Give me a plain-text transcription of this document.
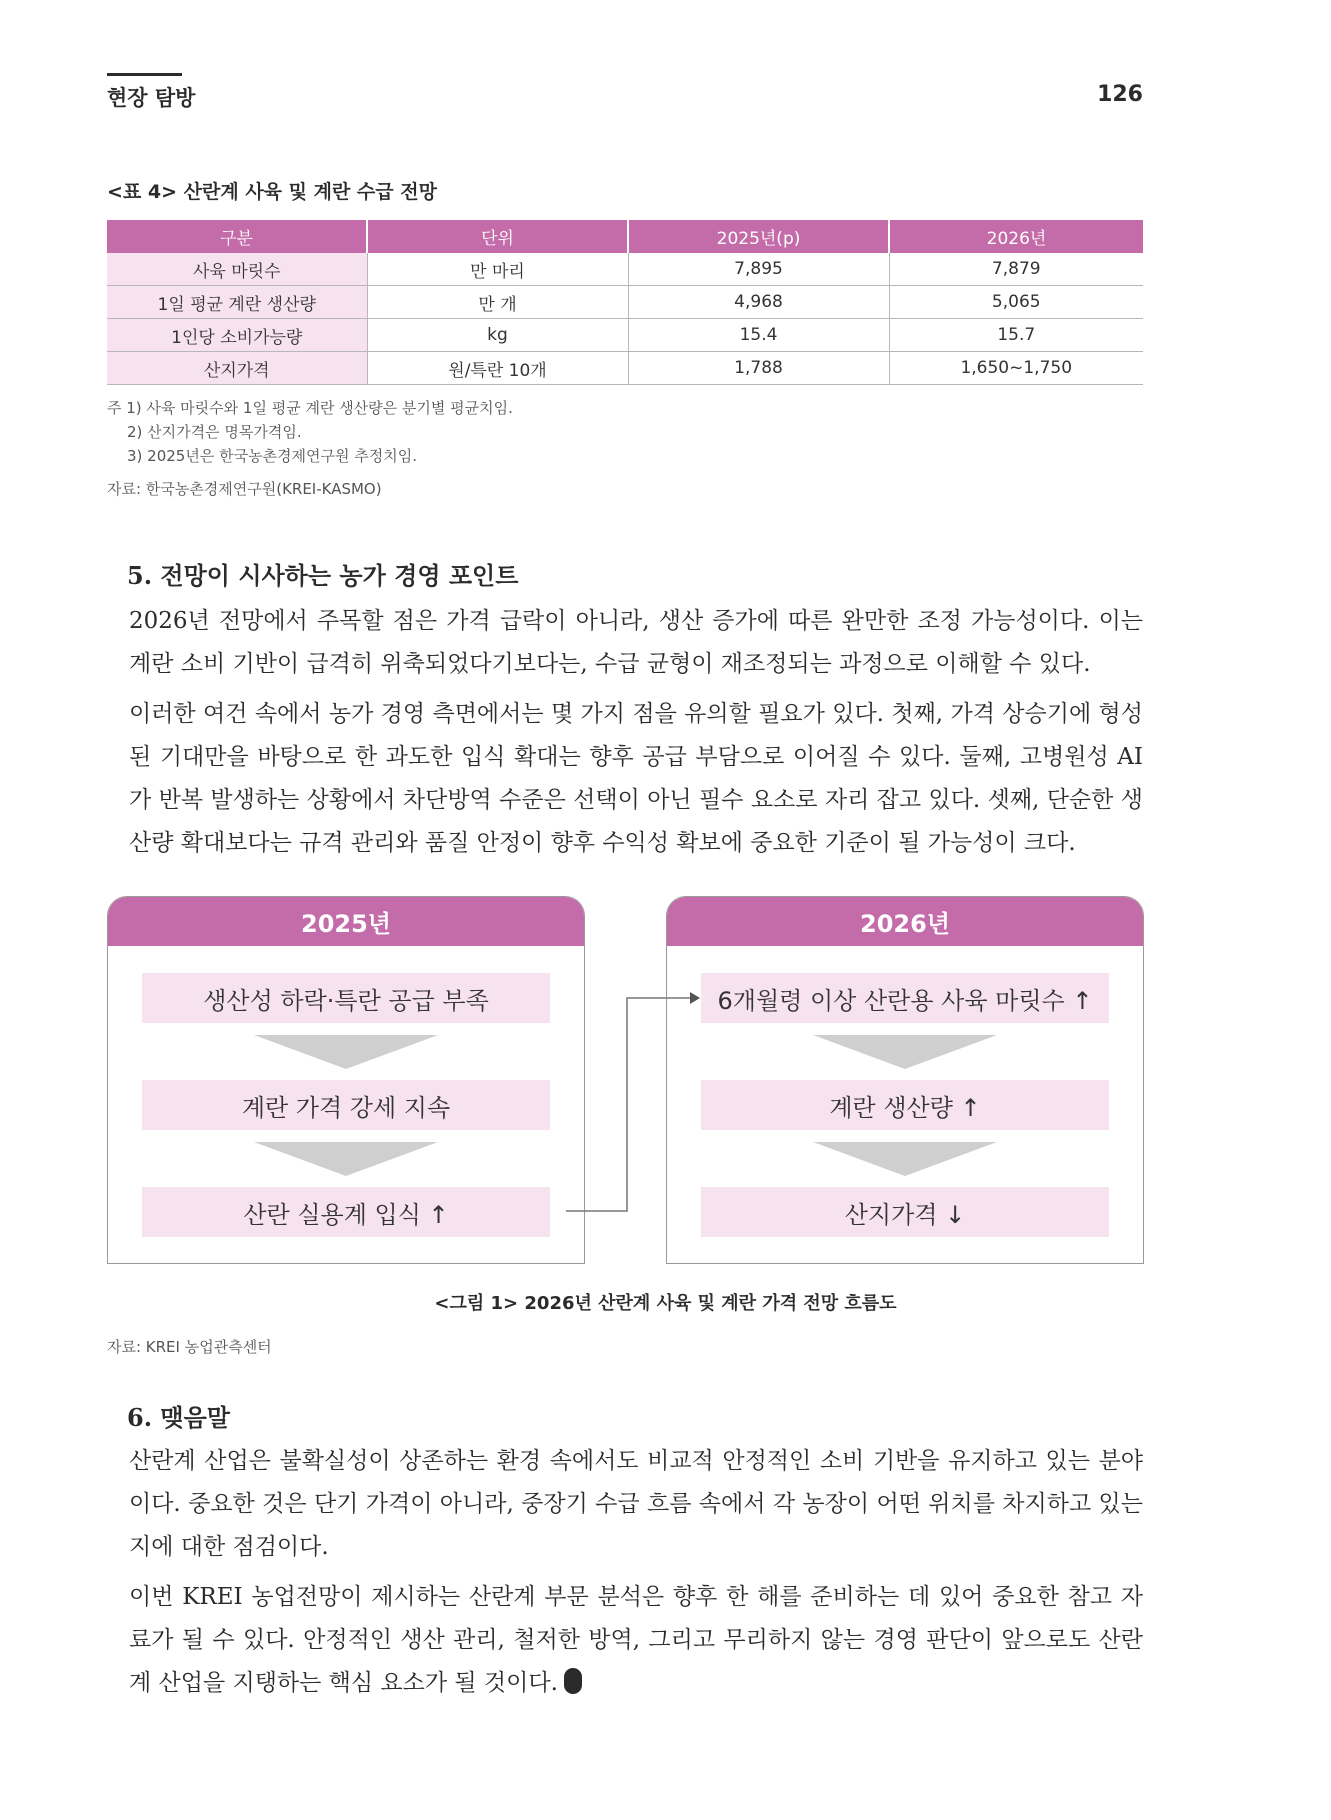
현장 탐방	126
<표 4> 산란계 사육 및 계란 수급 전망
구분	단위	2025년(p)	2026년
사육 마릿수	만 마리	7,895	7,879
1일 평균 계란 생산량	만 개	4,968	5,065
1인당 소비가능량	kg	15.4	15.7
산지가격	원/특란 10개	1,788	1,650~1,750
주 1) 사육 마릿수와 1일 평균 계란 생산량은 분기별 평균치임.
2) 산지가격은 명목가격임.
3) 2025년은 한국농촌경제연구원 추정치임.
자료: 한국농촌경제연구원(KREI-KASMO)
5. 전망이 시사하는 농가 경영 포인트
2026년 전망에서 주목할 점은 가격 급락이 아니라, 생산 증가에 따른 완만한 조정 가능성이다. 이는 계란 소비 기반이 급격히 위축되었다기보다는, 수급 균형이 재조정되는 과정으로 이해할 수 있다.
이러한 여건 속에서 농가 경영 측면에서는 몇 가지 점을 유의할 필요가 있다. 첫째, 가격 상승기에 형성된 기대만을 바탕으로 한 과도한 입식 확대는 향후 공급 부담으로 이어질 수 있다. 둘째, 고병원성 AI가 반복 발생하는 상황에서 차단방역 수준은 선택이 아닌 필수 요소로 자리 잡고 있다. 셋째, 단순한 생산량 확대보다는 규격 관리와 품질 안정이 향후 수익성 확보에 중요한 기준이 될 가능성이 크다.
2025년
생산성 하락·특란 공급 부족
계란 가격 강세 지속
산란 실용계 입식 ↑
2026년
6개월령 이상 산란용 사육 마릿수 ↑
계란 생산량 ↑
산지가격 ↓
<그림 1> 2026년 산란계 사육 및 계란 가격 전망 흐름도
자료: KREI 농업관측센터
6. 맺음말
산란계 산업은 불확실성이 상존하는 환경 속에서도 비교적 안정적인 소비 기반을 유지하고 있는 분야이다. 중요한 것은 단기 가격이 아니라, 중장기 수급 흐름 속에서 각 농장이 어떤 위치를 차지하고 있는지에 대한 점검이다.
이번 KREI 농업전망이 제시하는 산란계 부문 분석은 향후 한 해를 준비하는 데 있어 중요한 참고 자료가 될 수 있다. 안정적인 생산 관리, 철저한 방역, 그리고 무리하지 않는 경영 판단이 앞으로도 산란계 산업을 지탱하는 핵심 요소가 될 것이다.
